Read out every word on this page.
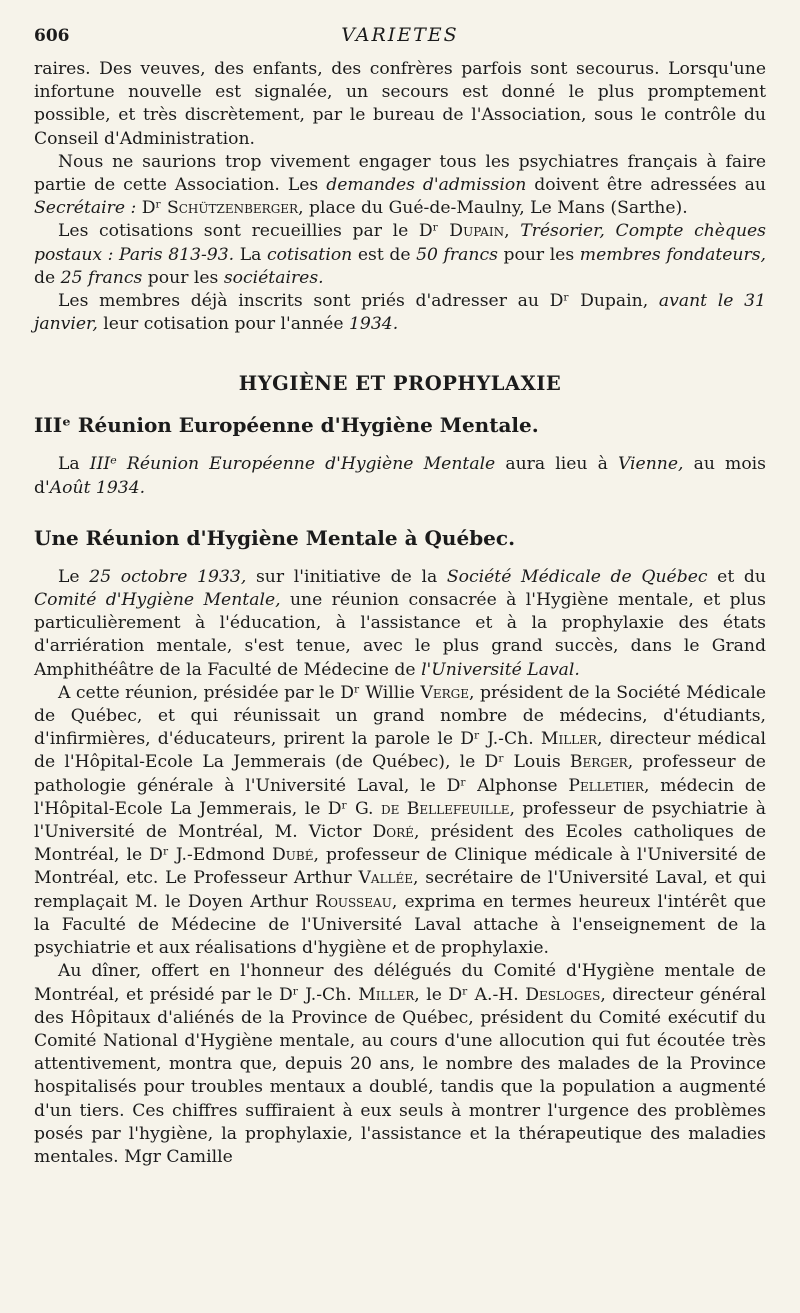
606	VARIETES

raires. Des veuves, des enfants, des confrères parfois sont secourus. Lorsqu'une infortune nouvelle est signalée, un secours est donné le plus promptement possible, et très discrètement, par le bureau de l'Association, sous le contrôle du Conseil d'Administration.

Nous ne saurions trop vivement engager tous les psychiatres français à faire partie de cette Association. Les demandes d'admission doivent être adressées au Secrétaire : Dʳ Schützenberger, place du Gué-de-Maulny, Le Mans (Sarthe).

Les cotisations sont recueillies par le Dʳ Dupain, Trésorier, Compte chèques postaux : Paris 813-93. La cotisation est de 50 francs pour les membres fondateurs, de 25 francs pour les sociétaires.

Les membres déjà inscrits sont priés d'adresser au Dʳ Dupain, avant le 31 janvier, leur cotisation pour l'année 1934.

HYGIÈNE ET PROPHYLAXIE
IIIᵉ Réunion Européenne d'Hygiène Mentale.

La IIIᵉ Réunion Européenne d'Hygiène Mentale aura lieu à Vienne, au mois d'Août 1934.

Une Réunion d'Hygiène Mentale à Québec.

Le 25 octobre 1933, sur l'initiative de la Société Médicale de Québec et du Comité d'Hygiène Mentale, une réunion consacrée à l'Hygiène mentale, et plus particulièrement à l'éducation, à l'assistance et à la prophylaxie des états d'arriération mentale, s'est tenue, avec le plus grand succès, dans le Grand Amphithéâtre de la Faculté de Médecine de l'Université Laval.

A cette réunion, présidée par le Dʳ Willie Verge, président de la Société Médicale de Québec, et qui réunissait un grand nombre de médecins, d'étudiants, d'infirmières, d'éducateurs, prirent la parole le Dʳ J.-Ch. Miller, directeur médical de l'Hôpital-Ecole La Jemmerais (de Québec), le Dʳ Louis Berger, professeur de pathologie générale à l'Université Laval, le Dʳ Alphonse Pelletier, médecin de l'Hôpital-Ecole La Jemmerais, le Dʳ G. de Bellefeuille, professeur de psychiatrie à l'Université de Montréal, M. Victor Doré, président des Ecoles catholiques de Montréal, le Dʳ J.-Edmond Dubé, professeur de Clinique médicale à l'Université de Montréal, etc. Le Professeur Arthur Vallée, secrétaire de l'Université Laval, et qui remplaçait M. le Doyen Arthur Rousseau, exprima en termes heureux l'intérêt que la Faculté de Médecine de l'Université Laval attache à l'enseignement de la psychiatrie et aux réalisations d'hygiène et de prophylaxie.

Au dîner, offert en l'honneur des délégués du Comité d'Hygiène mentale de Montréal, et présidé par le Dʳ J.-Ch. Miller, le Dʳ A.-H. Desloges, directeur général des Hôpitaux d'aliénés de la Province de Québec, président du Comité exécutif du Comité National d'Hygiène mentale, au cours d'une allocution qui fut écoutée très attentivement, montra que, depuis 20 ans, le nombre des malades de la Province hospitalisés pour troubles mentaux a doublé, tandis que la population a augmenté d'un tiers. Ces chiffres suffiraient à eux seuls à montrer l'urgence des problèmes posés par l'hygiène, la prophylaxie, l'assistance et la thérapeutique des maladies mentales. Mgr Camille
